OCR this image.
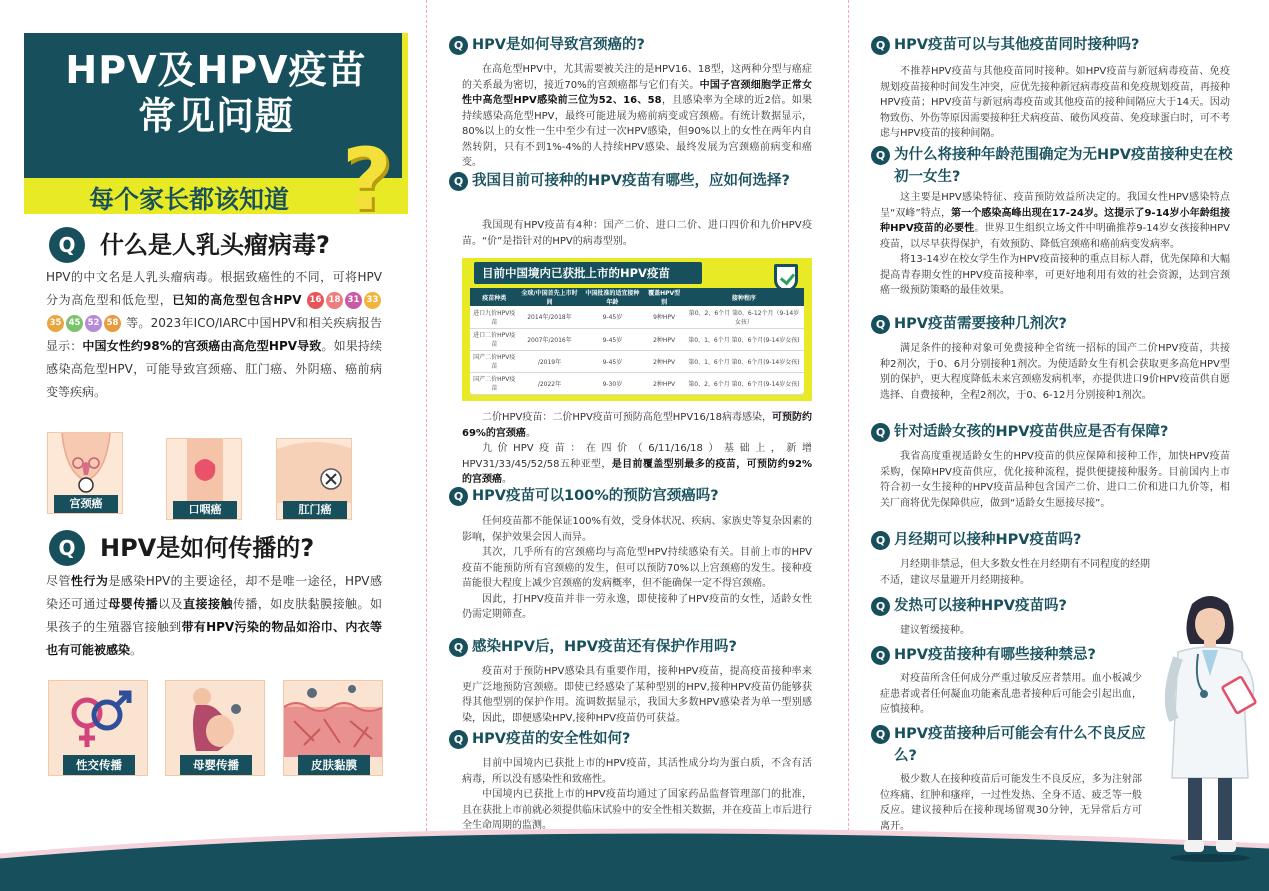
HPV及HPV疫苗常见问题
?
每个家长都该知道
Q	什么是人乳头瘤病毒?
HPV的中文名是人乳头瘤病毒。根据致癌性的不同，可将HPV分为高危型和低危型，已知的高危型包含HPV 16 18 31 3335 45 52 58 等。2023年ICO/IARC中国HPV和相关疾病报告显示：中国女性约98%的宫颈癌由高危型HPV导致。如果持续感染高危型HPV，可能导致宫颈癌、肛门癌、外阴癌、癌前病变等疾病。
宫颈癌	口咽癌	肛门癌
Q	HPV是如何传播的?
尽管性行为是感染HPV的主要途径，却不是唯一途径，HPV感染还可通过母婴传播以及直接接触传播，如皮肤黏膜接触。如果孩子的生殖器官接触到带有HPV污染的物品如浴巾、内衣等也有可能被感染。
性交传播	母婴传播	皮肤黏膜
Q HPV是如何导致宫颈癌的?

在高危型HPV中，尤其需要被关注的是HPV16、18型，这两种分型与癌症的关系最为密切，接近70%的宫颈癌都与它们有关。中国子宫颈细胞学正常女性中高危型HPV感染前三位为52、16、58，且感染率为全球的近2倍。如果持续感染高危型HPV，最终可能进展为癌前病变或宫颈癌。有统计数据显示，80%以上的女性一生中至少有过一次HPV感染，但90%以上的女性在两年内自然转阴，只有不到1%-4%的人持续HPV感染、最终发展为宫颈癌前病变和癌变。

Q 我国目前可接种的HPV疫苗有哪些，应如何选择?

我国现有HPV疫苗有4种：国产二价、进口二价、进口四价和九价HPV疫苗。“价”是指针对的HPV的病毒型别。

目前中国境内已获批上市的HPV疫苗
疫苗种类	全球/中国首先上市时间	中国批准的适宜接种年龄	覆盖HPV型别	接种程序
进口九价HPV疫苗	2014年/2018年	9-45岁	9种HPV	第0、2、6个月 第0、6-12个月（9-14岁女孩）
进口二价HPV疫苗	2007年/2016年	9-45岁	2种HPV	第0、1、6个月 第0、6个月(9-14岁女孩)
国产二价HPV疫苗	/2019年	9-45岁	2种HPV	第0、1、6个月 第0、6个月(9-14岁女孩)
国产二价HPV疫苗	/2022年	9-30岁	2种HPV	第0、2、6个月 第0、6个月(9-14岁女孩)

二价HPV疫苗：二价HPV疫苗可预防高危型HPV16/18病毒感染，可预防约69%的宫颈癌。

九价HPV疫苗：在四价（6/11/16/18）基础上，新增HPV31/33/45/52/58五种亚型，是目前覆盖型别最多的疫苗，可预防约92%的宫颈癌。

Q HPV疫苗可以100%的预防宫颈癌吗?

任何疫苗都不能保证100%有效，受身体状况、疾病、家族史等复杂因素的影响，保护效果会因人而异。

其次，几乎所有的宫颈癌均与高危型HPV持续感染有关。目前上市的HPV疫苗不能预防所有宫颈癌的发生，但可以预防70%以上宫颈癌的发生。接种疫苗能很大程度上减少宫颈癌的发病概率，但不能确保一定不得宫颈癌。

因此，打HPV疫苗并非一劳永逸，即使接种了HPV疫苗的女性，适龄女性仍需定期筛查。

Q 感染HPV后，HPV疫苗还有保护作用吗?

疫苗对于预防HPV感染具有重要作用，接种HPV疫苗，提高疫苗接种率来更广泛地预防宫颈癌。即使已经感染了某种型别的HPV,接种HPV疫苗仍能够获得其他型别的保护作用。流调数据显示，我国大多数HPV感染者为单一型别感染，因此，即便感染HPV,接种HPV疫苗仍可获益。

Q HPV疫苗的安全性如何?

目前中国境内已获批上市的HPV疫苗，其活性成分均为蛋白质，不含有活病毒，所以没有感染性和致癌性。

中国境内已获批上市的HPV疫苗均通过了国家药品监督管理部门的批准，且在获批上市前就必须提供临床试验中的安全性相关数据，并在疫苗上市后进行全生命周期的监测。

Q HPV疫苗可以与其他疫苗同时接种吗?

不推荐HPV疫苗与其他疫苗同时接种。如HPV疫苗与新冠病毒疫苗、免疫规划疫苗接种时间发生冲突，应优先接种新冠病毒疫苗和免疫规划疫苗，再接种HPV疫苗；HPV疫苗与新冠病毒疫苗或其他疫苗的接种间隔应大于14天。因动物致伤、外伤等原因需要接种狂犬病疫苗、破伤风疫苗、免疫球蛋白时，可不考虑与HPV疫苗的接种间隔。

Q 为什么将接种年龄范围确定为无HPV疫苗接种史在校初一女生?

这主要是HPV感染特征、疫苗预防效益所决定的。我国女性HPV感染特点呈“双峰”特点，第一个感染高峰出现在17-24岁。这提示了9-14岁小年龄组接种HPV疫苗的必要性。世界卫生组织立场文件中明确推荐9-14岁女孩接种HPV疫苗，以尽早获得保护，有效预防、降低宫颈癌和癌前病变发病率。

将13-14岁在校女学生作为HPV疫苗接种的重点目标人群，优先保障和大幅提高青春期女性的HPV疫苗接种率，可更好地利用有效的社会资源，达到宫颈癌一级预防策略的最佳效果。

Q HPV疫苗需要接种几剂次?

满足条件的接种对象可免费接种全省统一招标的国产二价HPV疫苗，共接种2剂次，于0、6月分别接种1剂次。为使适龄女生有机会获取更多高危HPV型别的保护，更大程度降低未来宫颈癌发病机率，亦提供进口9价HPV疫苗供自愿选择、自费接种，全程2剂次，于0、6-12月分别接种1剂次。

Q 针对适龄女孩的HPV疫苗供应是否有保障?

我省高度重视适龄女生的HPV疫苗的供应保障和接种工作，加快HPV疫苗采购，保障HPV疫苗供应，优化接种流程，提供便捷接种服务。目前国内上市符合初一女生接种的HPV疫苗品种包含国产二价、进口二价和进口九价等，相关厂商将优先保障供应，做到“适龄女生愿接尽接”。

Q 月经期可以接种HPV疫苗吗?

月经期非禁忌，但大多数女性在月经期有不同程度的经期不适，建议尽量避开月经期接种。

Q 发热可以接种HPV疫苗吗?

建议暂缓接种。

Q HPV疫苗接种有哪些接种禁忌?

对疫苗所含任何成分严重过敏反应者禁用。血小板减少症患者或者任何凝血功能紊乱患者接种后可能会引起出血，应慎接种。

Q HPV疫苗接种后可能会有什么不良反应么?

极少数人在接种疫苗后可能发生不良反应，多为注射部位疼痛、红肿和瘙痒，一过性发热、全身不适、疲乏等一般反应。建议接种后在接种现场留观30分钟，无异常后方可离开。
